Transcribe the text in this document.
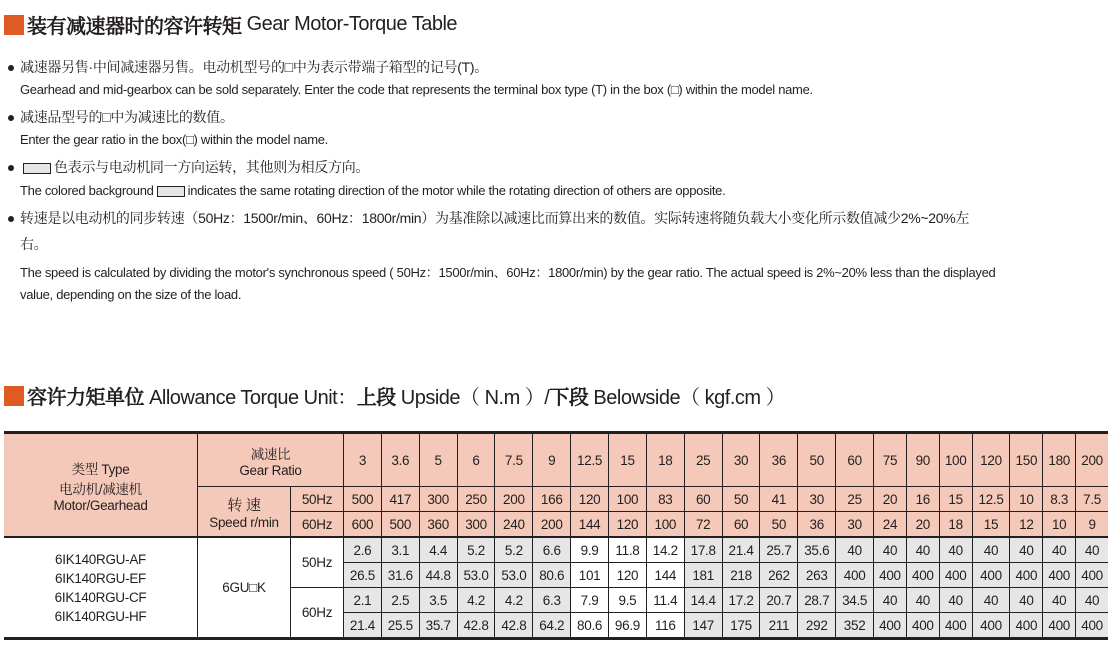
装有减速器时的容许转矩
Gear Motor-Torque Table
减速器另售·中间减速器另售。电动机型号的□中为表示带端子箱型的记号(T)。
Gearhead and mid-gearbox can be sold separately. Enter the code that represents the terminal box type (T) in the box (□) within the model name.
减速品型号的□中为减速比的数值。
Enter the gear ratio in the box(□) within the model name.
色表示与电动机同一方向运转，其他则为相反方向。
The colored background	indicates the same rotating direction of the motor while the rotating direction of others are opposite.
转速是以电动机的同步转速（50Hz：1500r/min、60Hz：1800r/min）为基准除以减速比而算出来的数值。实际转速将随负载大小变化所示数值减少2%~20%左
右。
The speed is calculated by dividing the motor's synchronous speed ( 50Hz：1500r/min、60Hz：1800r/min) by the gear ratio. The actual speed is 2%~20% less than the displayed
value, depending on the size of the load.
容许力矩单位
Allowance Torque Unit： 上段
Upside（ N.m ）/ 下段
Belowside（ kgf.cm ）
类型 Type
电动机/减速机
Motor/Gearhead	减速比
Gear Ratio		3	3.6	5	6	7.5	9	12.5	15	18	25	30	36	50	60	75	90	100	120	150	180	200
	转 速
Speed r/min	50Hz	500	417	300	250	200	166	120	100	83	60	50	41	30	25	20	16	15	12.5	10	8.3	7.5
		60Hz	600	500	360	300	240	200	144	120	100	72	60	50	36	30	24	20	18	15	12	10	9
6IK140RGU-AF
6IK140RGU-EF
6IK140RGU-CF
6IK140RGU-HF	6GU□K	50Hz	2.6	3.1	4.4	5.2	5.2	6.6	9.9	11.8	14.2	17.8	21.4	25.7	35.6	40	40	40	40	40	40	40	40
			26.5	31.6	44.8	53.0	53.0	80.6	101	120	144	181	218	262	263	400	400	400	400	400	400	400	400
		60Hz	2.1	2.5	3.5	4.2	4.2	6.3	7.9	9.5	11.4	14.4	17.2	20.7	28.7	34.5	40	40	40	40	40	40	40
			21.4	25.5	35.7	42.8	42.8	64.2	80.6	96.9	116	147	175	211	292	352	400	400	400	400	400	400	400
